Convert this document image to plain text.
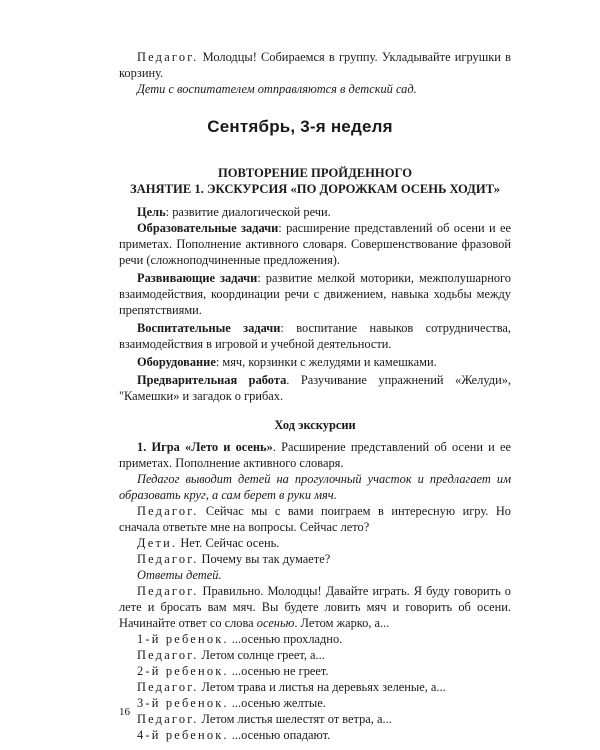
Педагог. Молодцы! Собираемся в группу. Укладывайте игрушки в корзину.

Дети с воспитателем отправляются в детский сад.

Сентябрь, 3-я неделя

ПОВТОРЕНИЕ ПРОЙДЕННОГО

ЗАНЯТИЕ 1. ЭКСКУРСИЯ «ПО ДОРОЖКАМ ОСЕНЬ ХОДИТ»

Цель: развитие диалогической речи.

Образовательные задачи: расширение представлений об осени и ее приметах. Пополнение активного словаря. Совершенствование фразовой речи (сложноподчиненные предложения).

Развивающие задачи: развитие мелкой моторики, межполушарного взаимодействия, координации речи с движением, навыка ходьбы между препятствиями.

Воспитательные задачи: воспитание навыков сотрудничества, взаимодействия в игровой и учебной деятельности.

Оборудование: мяч, корзинки с желудями и камешками.

Предварительная работа. Разучивание упражнений «Желуди», "Камешки» и загадок о грибах.

Ход экскурсии

1. Игра «Лето и осень». Расширение представлений об осени и ее приметах. Пополнение активного словаря.

Педагог выводит детей на прогулочный участок и предлагает им образовать круг, а сам берет в руки мяч.

Педагог. Сейчас мы с вами поиграем в интересную игру. Но сначала ответьте мне на вопросы. Сейчас лето?

Дети. Нет. Сейчас осень.

Педагог. Почему вы так думаете?

Ответы детей.

Педагог. Правильно. Молодцы! Давайте играть. Я буду говорить о лете и бросать вам мяч. Вы будете ловить мяч и говорить об осени. Начинайте ответ со слова осенью. Летом жарко, а...

1-й ребенок. ...осенью прохладно.

Педагог. Летом солнце греет, а...

2-й ребенок. ...осенью не греет.

Педагог. Летом трава и листья на деревьях зеленые, а...

3-й ребенок. ...осенью желтые.

Педагог. Летом листья шелестят от ветра, а...

4-й ребенок. ...осенью опадают.

16
